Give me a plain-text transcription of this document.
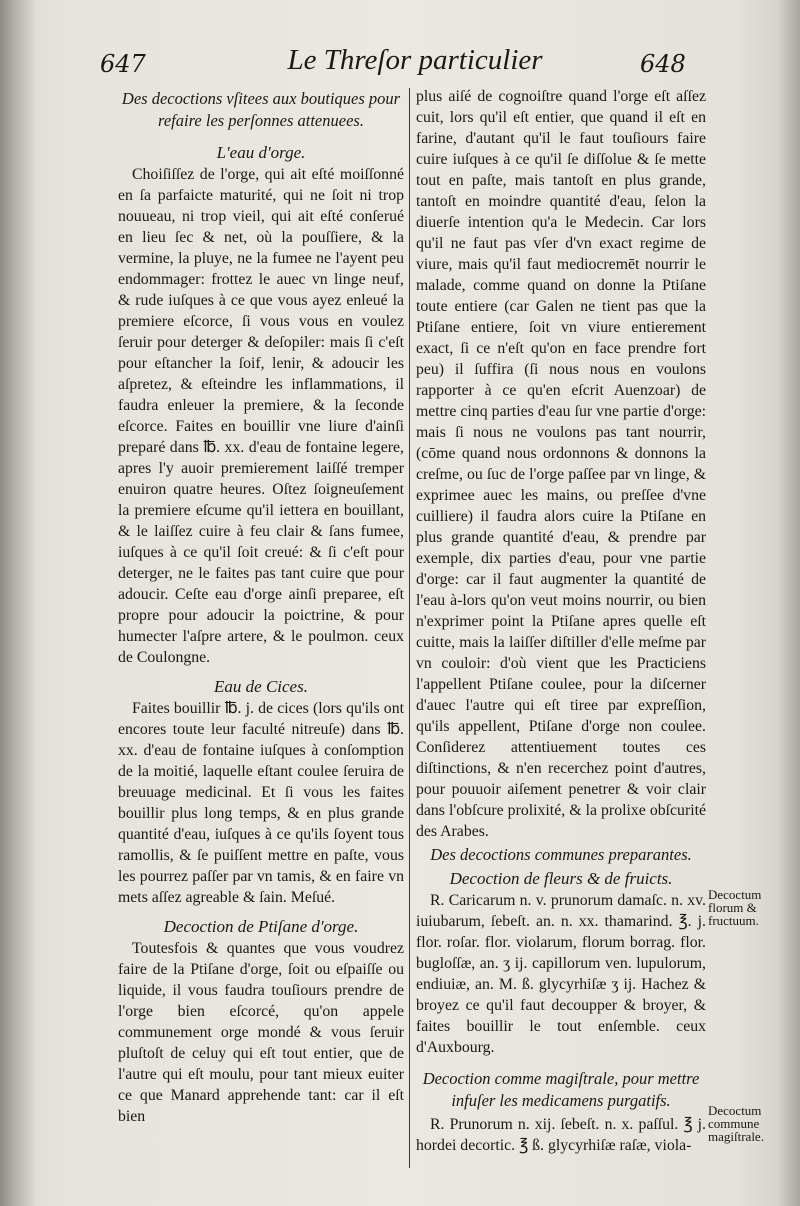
647	Le Threſor particulier	648
Des decoctions vſitees aux boutiques pour refaire les perſonnes attenuees.
L'eau d'orge.

Choiſiſſez de l'orge, qui ait eſté moiſſonné en ſa parfaicte maturité, qui ne ſoit ni trop nouueau, ni trop vieil, qui ait eſté conſerué en lieu ſec & net, où la pouſſiere, & la vermine, la pluye, ne la fumee ne l'ayent peu endommager: frottez le auec vn linge neuf, & rude iuſques à ce que vous ayez enleué la premiere eſcorce, ſi vous vous en voulez ſeruir pour deterger & deſopiler: mais ſi c'eſt pour eſtancher la ſoif, lenir, & adoucir les aſpretez, & eſteindre les inflammations, il faudra enleuer la premiere, & la ſeconde eſcorce. Faites en bouillir vne liure d'ainſi preparé dans ℔. xx. d'eau de fontaine legere, apres l'y auoir premierement laiſſé tremper enuiron quatre heures. Oſtez ſoigneuſement la premiere eſcume qu'il iettera en bouillant, & le laiſſez cuire à feu clair & ſans fumee, iuſques à ce qu'il ſoit creué: & ſi c'eſt pour deterger, ne le faites pas tant cuire que pour adoucir. Ceſte eau d'orge ainſi preparee, eſt propre pour adoucir la poictrine, & pour humecter l'aſpre artere, & le poulmon. ceux de Coulongne.

Eau de Cices.

Faites bouillir ℔. j. de cices (lors qu'ils ont encores toute leur faculté nitreuſe) dans ℔. xx. d'eau de fontaine iuſques à conſomption de la moitié, laquelle eſtant coulee ſeruira de breuuage medicinal. Et ſi vous les faites bouillir plus long temps, & en plus grande quantité d'eau, iuſques à ce qu'ils ſoyent tous ramollis, & ſe puiſſent mettre en paſte, vous les pourrez paſſer par vn tamis, & en faire vn mets aſſez agreable & ſain. Meſué.

Decoction de Ptiſane d'orge.

Toutesfois & quantes que vous voudrez faire de la Ptiſane d'orge, ſoit ou eſpaiſſe ou liquide, il vous faudra touſiours prendre de l'orge bien eſcorcé, qu'on appele communement orge mondé & vous ſeruir pluſtoſt de celuy qui eſt tout entier, que de l'autre qui eſt moulu, pour tant mieux euiter ce que Manard apprehende tant: car il eſt bien

plus aiſé de cognoiſtre quand l'orge eſt aſſez cuit, lors qu'il eſt entier, que quand il eſt en farine, d'autant qu'il le faut touſiours faire cuire iuſques à ce qu'il ſe diſſolue & ſe mette tout en paſte, mais tantoſt en plus grande, tantoſt en moindre quantité d'eau, ſelon la diuerſe intention qu'a le Medecin. Car lors qu'il ne faut pas vſer d'vn exact regime de viure, mais qu'il faut mediocremēt nourrir le malade, comme quand on donne la Ptiſane toute entiere (car Galen ne tient pas que la Ptiſane entiere, ſoit vn viure entierement exact, ſi ce n'eſt qu'on en face prendre fort peu) il ſuffira (ſi nous nous en voulons rapporter à ce qu'en eſcrit Auenzoar) de mettre cinq parties d'eau ſur vne partie d'orge: mais ſi nous ne voulons pas tant nourrir, (cōme quand nous ordonnons & donnons la creſme, ou ſuc de l'orge paſſee par vn linge, & exprimee auec les mains, ou preſſee d'vne cuilliere) il faudra alors cuire la Ptiſane en plus grande quantité d'eau, & prendre par exemple, dix parties d'eau, pour vne partie d'orge: car il faut augmenter la quantité de l'eau à-lors qu'on veut moins nourrir, ou bien n'exprimer point la Ptiſane apres quelle eſt cuitte, mais la laiſſer diſtiller d'elle meſme par vn couloir: d'où vient que les Practiciens l'appellent Ptiſane coulee, pour la diſcerner d'auec l'autre qui eſt tiree par expreſſion, qu'ils appellent, Ptiſane d'orge non coulee. Conſiderez attentiuement toutes ces diſtinctions, & n'en recerchez point d'autres, pour pouuoir aiſement penetrer & voir clair dans l'obſcure prolixité, & la prolixe obſcurité des Arabes.

Des decoctions communes preparantes.
Decoction de fleurs & de fruicts.

R. Caricarum n. v. prunorum damaſc. n. xv. iuiubarum, ſebeſt. an. n. xx. thamarind. ℥. j. flor. roſar. flor. violarum, florum borrag. flor. bugloſſæ, an. ʒ ij. capillorum ven. lupulorum, endiuiæ, an. M. ß. glycyrhiſæ ʒ ij. Hachez & broyez ce qu'il faut decoupper & broyer, & faites bouillir le tout enſemble. ceux d'Auxbourg.

Decoction comme magiſtrale, pour mettre infuſer les medicamens purgatifs.

R. Prunorum n. xij. ſebeſt. n. x. paſſul. ℥ j. hordei decortic. ℥ ß. glycyrhiſæ raſæ, viola-

Decoctum florum & fructuum.
Decoctum commune magiſtrale.
